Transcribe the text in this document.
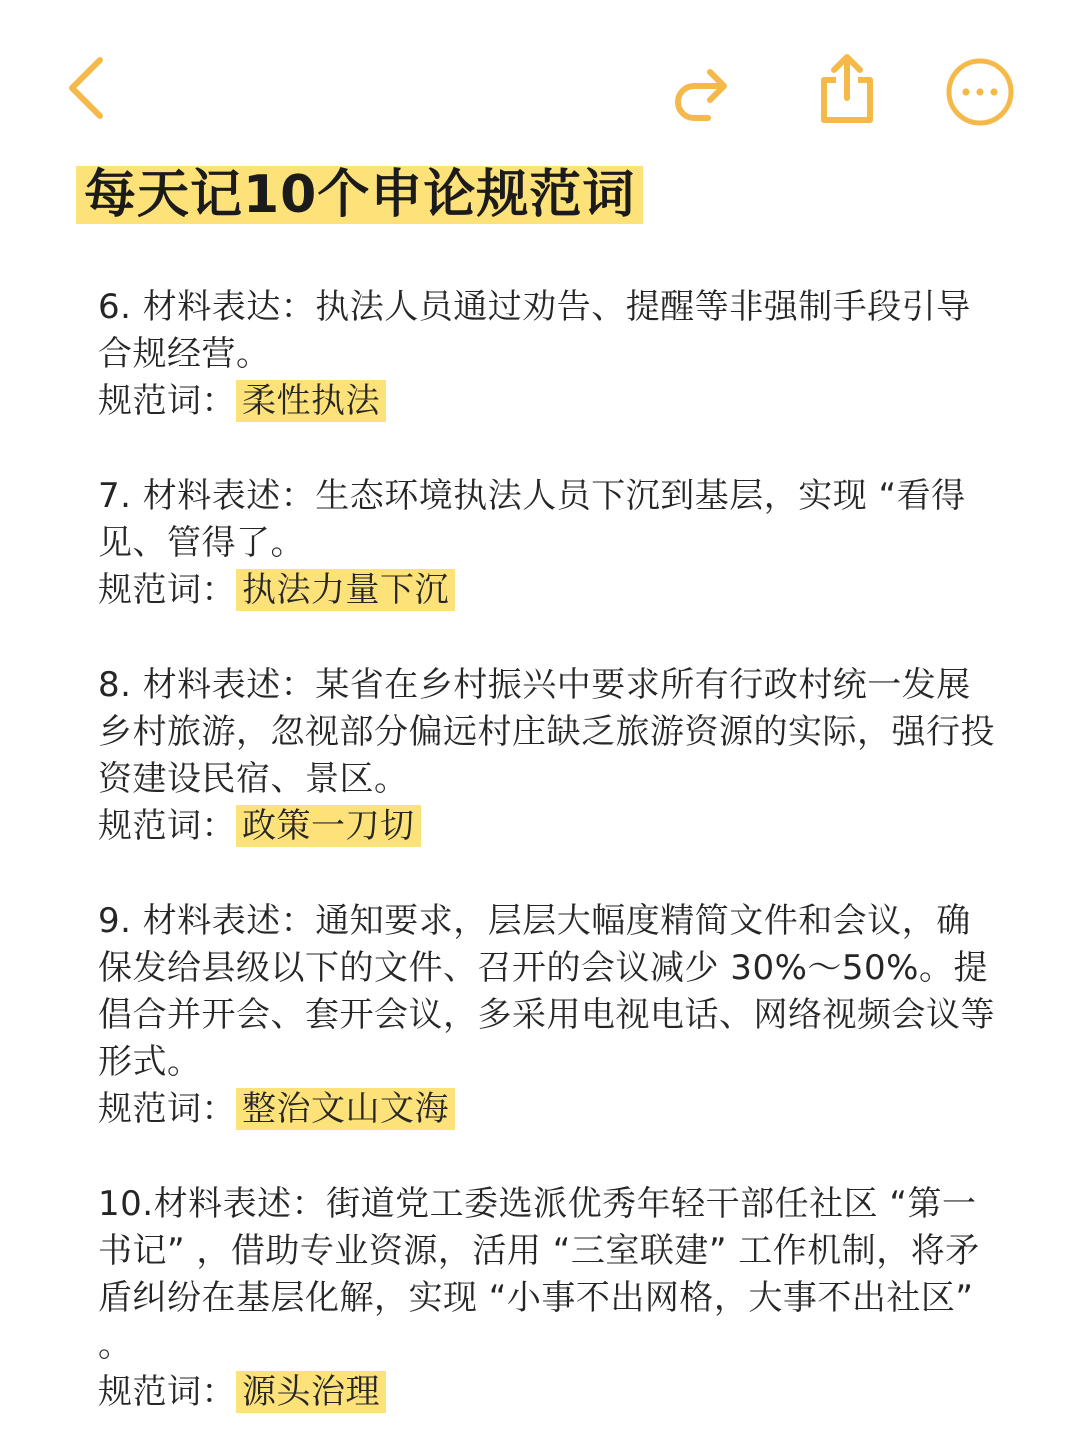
每天记10个申论规范词

6. 材料表达：执法人员通过劝告、提醒等非强制手段引导合规经营。

规范词： 柔性执法

7. 材料表述：生态环境执法人员下沉到基层，实现 “看得见、管得了。

规范词： 执法力量下沉

8. 材料表述：某省在乡村振兴中要求所有行政村统一发展乡村旅游，忽视部分偏远村庄缺乏旅游资源的实际，强行投资建设民宿、景区。

规范词： 政策一刀切

9. 材料表述：通知要求，层层大幅度精简文件和会议，确保发给县级以下的文件、召开的会议减少 30%～50%。提倡合并开会、套开会议，多采用电视电话、网络视频会议等形式。

规范词： 整治文山文海

10.材料表述：街道党工委选派优秀年轻干部任社区 “第一书记” ，借助专业资源，活用 “三室联建” 工作机制，将矛盾纠纷在基层化解，实现 “小事不出网格，大事不出社区” 。

规范词： 源头治理
